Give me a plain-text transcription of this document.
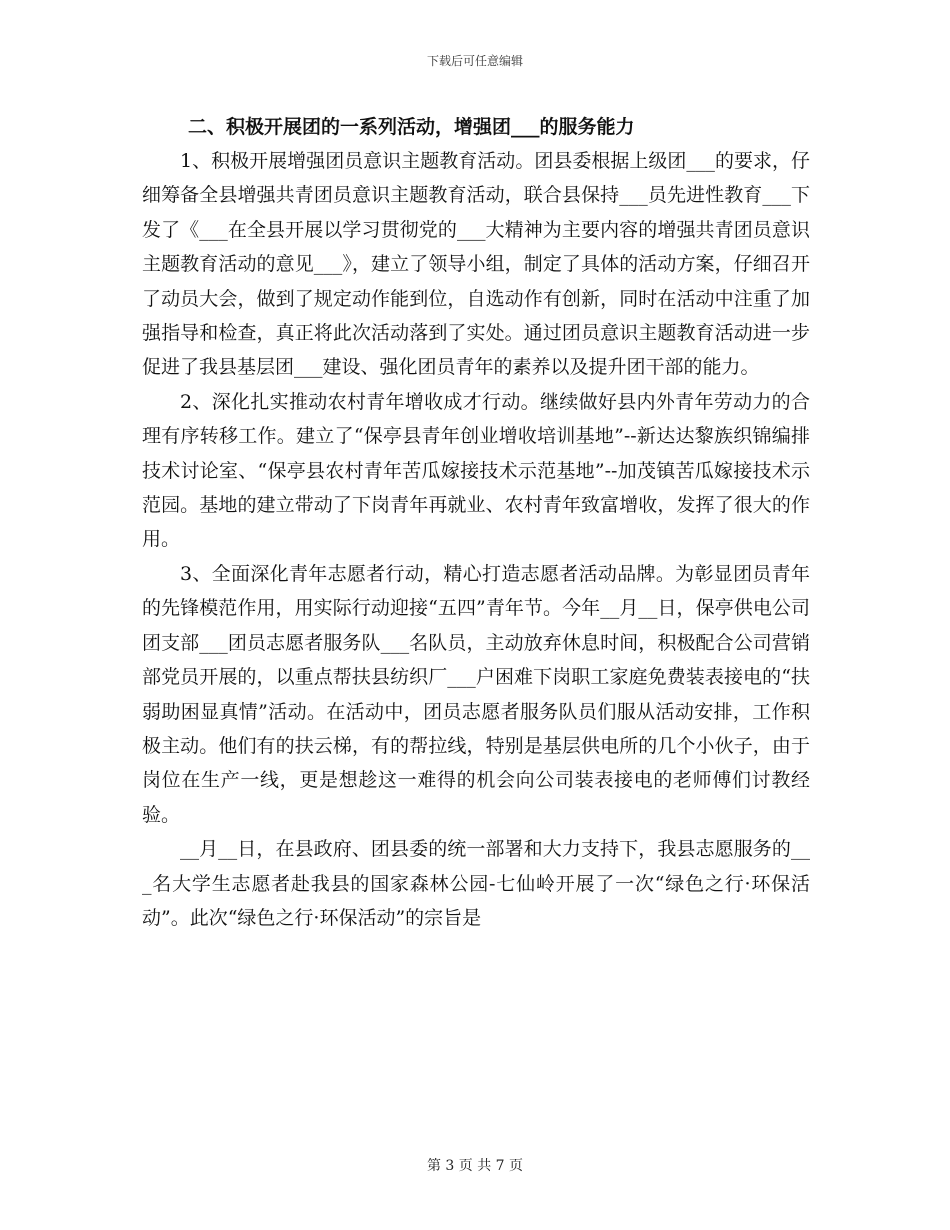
下载后可任意编辑
二、积极开展团的一系列活动，增强团___的服务能力

1、积极开展增强团员意识主题教育活动。团县委根据上级团___的要求，仔细筹备全县增强共青团员意识主题教育活动，联合县保持___员先进性教育___下发了《___在全县开展以学习贯彻党的___大精神为主要内容的增强共青团员意识主题教育活动的意见___》，建立了领导小组，制定了具体的活动方案，仔细召开了动员大会，做到了规定动作能到位，自选动作有创新，同时在活动中注重了加强指导和检查，真正将此次活动落到了实处。通过团员意识主题教育活动进一步促进了我县基层团___建设、强化团员青年的素养以及提升团干部的能力。

2、深化扎实推动农村青年增收成才行动。继续做好县内外青年劳动力的合理有序转移工作。建立了“保亭县青年创业增收培训基地”--新达达黎族织锦编排技术讨论室、“保亭县农村青年苦瓜嫁接技术示范基地”--加茂镇苦瓜嫁接技术示范园。基地的建立带动了下岗青年再就业、农村青年致富增收，发挥了很大的作用。

3、全面深化青年志愿者行动，精心打造志愿者活动品牌。为彰显团员青年的先锋模范作用，用实际行动迎接“五四”青年节。今年__月__日，保亭供电公司团支部___团员志愿者服务队___名队员，主动放弃休息时间，积极配合公司营销部党员开展的，以重点帮扶县纺织厂___户困难下岗职工家庭免费装表接电的“扶弱助困显真情”活动。在活动中，团员志愿者服务队员们服从活动安排，工作积极主动。他们有的扶云梯，有的帮拉线，特别是基层供电所的几个小伙子，由于岗位在生产一线，更是想趁这一难得的机会向公司装表接电的老师傅们讨教经验。

__月__日，在县政府、团县委的统一部署和大力支持下，我县志愿服务的___名大学生志愿者赴我县的国家森林公园-七仙岭开展了一次“绿色之行·环保活动”。此次“绿色之行·环保活动”的宗旨是

第 3 页 共 7 页
